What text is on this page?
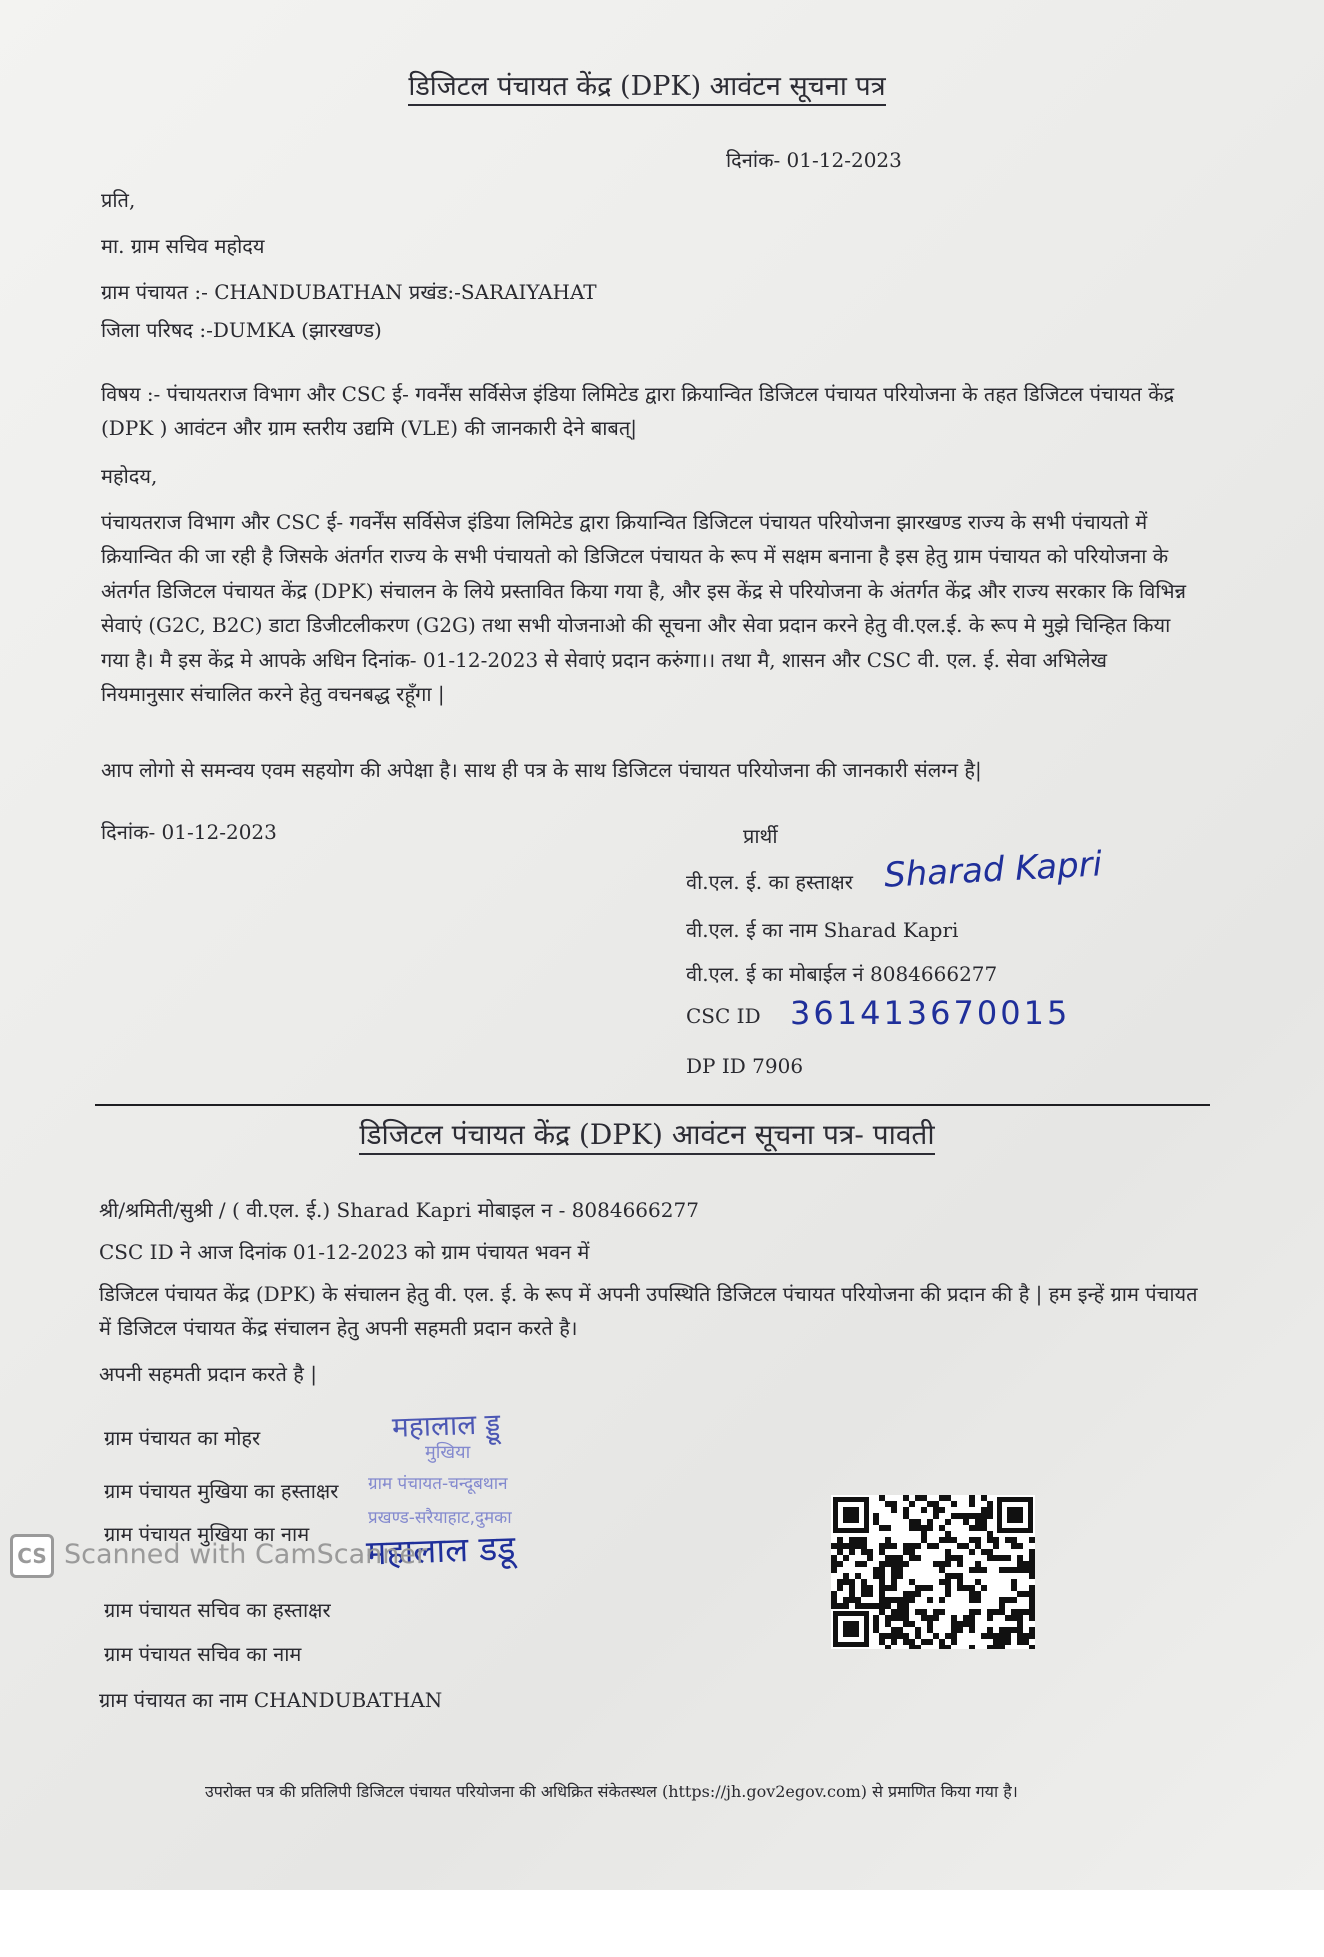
डिजिटल पंचायत केंद्र (DPK) आवंटन सूचना पत्र
दिनांक- 01-12-2023
प्रति,
मा. ग्राम सचिव महोदय
ग्राम पंचायत :- CHANDUBATHAN प्रखंड:-SARAIYAHAT
जिला परिषद :-DUMKA (झारखण्ड)
विषय :- पंचायतराज विभाग और CSC ई- गवर्नेंस सर्विसेज इंडिया लिमिटेड द्वारा क्रियान्वित डिजिटल पंचायत परियोजना के तहत डिजिटल पंचायत केंद्र (DPK ) आवंटन और ग्राम स्तरीय उद्यमि (VLE) की जानकारी देने बाबत्|
महोदय,
पंचायतराज विभाग और CSC ई- गवर्नेंस सर्विसेज इंडिया लिमिटेड द्वारा क्रियान्वित डिजिटल पंचायत परियोजना झारखण्ड राज्य के सभी पंचायतो में क्रियान्वित की जा रही है जिसके अंतर्गत राज्य के सभी पंचायतो को डिजिटल पंचायत के रूप में सक्षम बनाना है इस हेतु ग्राम पंचायत को परियोजना के अंतर्गत डिजिटल पंचायत केंद्र (DPK) संचालन के लिये प्रस्तावित किया गया है, और इस केंद्र से परियोजना के अंतर्गत केंद्र और राज्य सरकार कि विभिन्न सेवाएं (G2C, B2C) डाटा डिजीटलीकरण (G2G) तथा सभी योजनाओ की सूचना और सेवा प्रदान करने हेतु वी.एल.ई. के रूप मे मुझे चिन्हित किया गया है। मै इस केंद्र मे आपके अधिन दिनांक- 01-12-2023 से सेवाएं प्रदान करुंगा।। तथा मै, शासन और CSC वी. एल. ई. सेवा अभिलेख नियमानुसार संचालित करने हेतु वचनबद्ध रहूँगा |
आप लोगो से समन्वय एवम सहयोग की अपेक्षा है। साथ ही पत्र के साथ डिजिटल पंचायत परियोजना की जानकारी संलग्न है|
दिनांक- 01-12-2023	प्रार्थी
वी.एल. ई. का हस्ताक्षर Sharad Kapri
वी.एल. ई का नाम Sharad Kapri
वी.एल. ई का मोबाईल नं 8084666277
CSC ID 361413670015
DP ID 7906
डिजिटल पंचायत केंद्र (DPK) आवंटन सूचना पत्र- पावती
श्री/श्रमिती/सुश्री / ( वी.एल. ई.) Sharad Kapri मोबाइल न - 8084666277
CSC ID ने आज दिनांक 01-12-2023 को ग्राम पंचायत भवन में
डिजिटल पंचायत केंद्र (DPK) के संचालन हेतु वी. एल. ई. के रूप में अपनी उपस्थिति डिजिटल पंचायत परियोजना की प्रदान की है | हम इन्हें ग्राम पंचायत में डिजिटल पंचायत केंद्र संचालन हेतु अपनी सहमती प्रदान करते है।
अपनी सहमती प्रदान करते है |
ग्राम पंचायत का मोहर
ग्राम पंचायत मुखिया का हस्ताक्षर
ग्राम पंचायत मुखिया का नाम
महालाल ड्डू
मुखिया
ग्राम पंचायत-चन्दूबथान
प्रखण्ड-सरैयाहाट,दुमका
महालाल डडू
ग्राम पंचायत सचिव का हस्ताक्षर
ग्राम पंचायत सचिव का नाम
ग्राम पंचायत का नाम CHANDUBATHAN
उपरोक्त पत्र की प्रतिलिपी डिजिटल पंचायत परियोजना की अधिक्रित संकेतस्थल (https://jh.gov2egov.com) से प्रमाणित किया गया है।
CS Scanned with CamScanner
